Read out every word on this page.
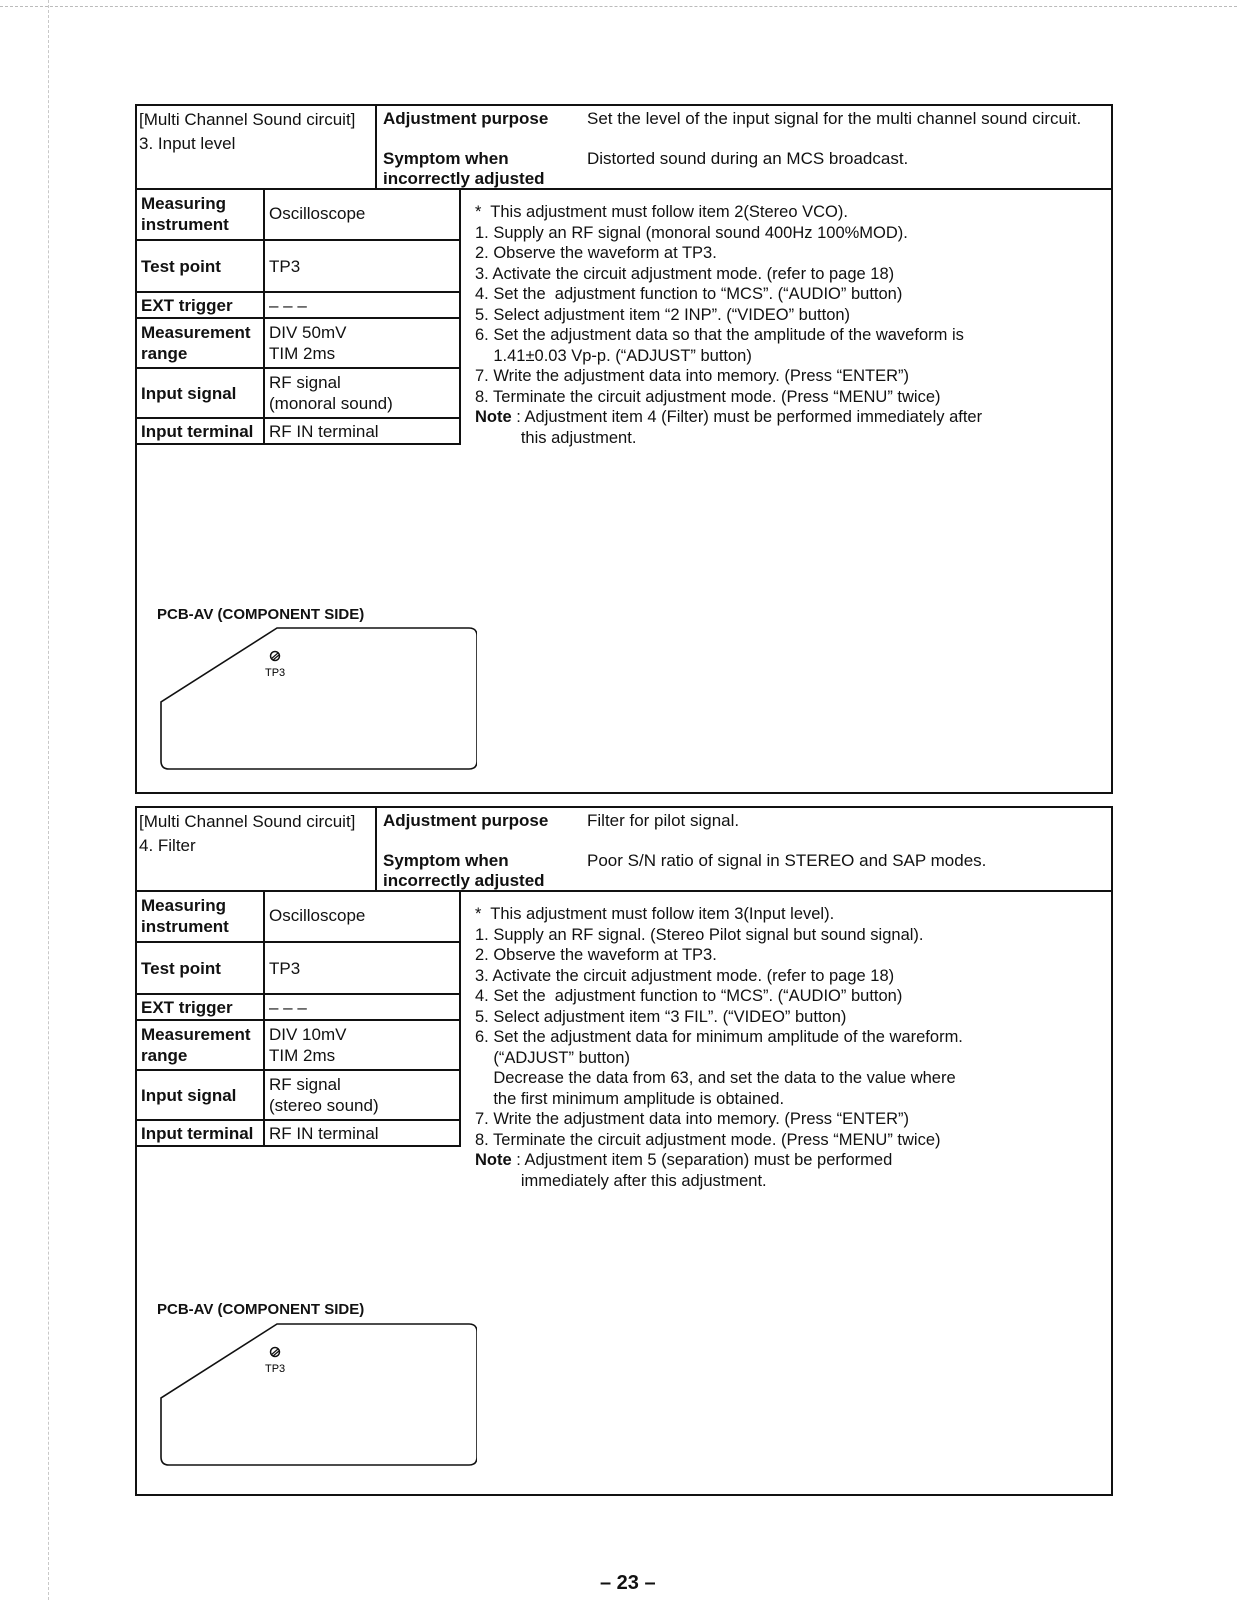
[Multi Channel Sound circuit]
3. Input level
Adjustment purpose Set the level of the input signal for the multi channel sound circuit.
Symptom when
incorrectly adjusted
Distorted sound during an MCS broadcast.
Measuring instrument	Oscilloscope
Test point	TP3
EXT trigger	– – –
Measurement range	DIV 50mV
TIM 2ms
Input signal	RF signal
(monoral sound)
Input terminal	RF IN terminal
*  This adjustment must follow item 2(Stereo VCO).
1. Supply an RF signal (monoral sound 400Hz 100%MOD).
2. Observe the waveform at TP3.
3. Activate the circuit adjustment mode. (refer to page 18)
4. Set the  adjustment function to “MCS”. (“AUDIO” button)
5. Select adjustment item “2 INP”. (“VIDEO” button)
6. Set the adjustment data so that the amplitude of the waveform is
1.41±0.03 Vp-p. (“ADJUST” button)
7. Write the adjustment data into memory. (Press “ENTER”)
8. Terminate the circuit adjustment mode. (Press “MENU” twice)
Note : Adjustment item 4 (Filter) must be performed immediately after
this adjustment.
PCB-AV (COMPONENT SIDE)
TP3
[Multi Channel Sound circuit]
4. Filter
Adjustment purpose Filter for pilot signal.
Symptom when
incorrectly adjusted
Poor S/N ratio of signal in STEREO and SAP modes.
Measuring instrument	Oscilloscope
Test point	TP3
EXT trigger	– – –
Measurement range	DIV 10mV
TIM 2ms
Input signal	RF signal
(stereo sound)
Input terminal	RF IN terminal
*  This adjustment must follow item 3(Input level).
1. Supply an RF signal. (Stereo Pilot signal but sound signal).
2. Observe the waveform at TP3.
3. Activate the circuit adjustment mode. (refer to page 18)
4. Set the  adjustment function to “MCS”. (“AUDIO” button)
5. Select adjustment item “3 FIL”. (“VIDEO” button)
6. Set the adjustment data for minimum amplitude of the wareform.
(“ADJUST” button)
Decrease the data from 63, and set the data to the value where
the first minimum amplitude is obtained.
7. Write the adjustment data into memory. (Press “ENTER”)
8. Terminate the circuit adjustment mode. (Press “MENU” twice)
Note : Adjustment item 5 (separation) must be performed
immediately after this adjustment.
PCB-AV (COMPONENT SIDE)
TP3
– 23 –
